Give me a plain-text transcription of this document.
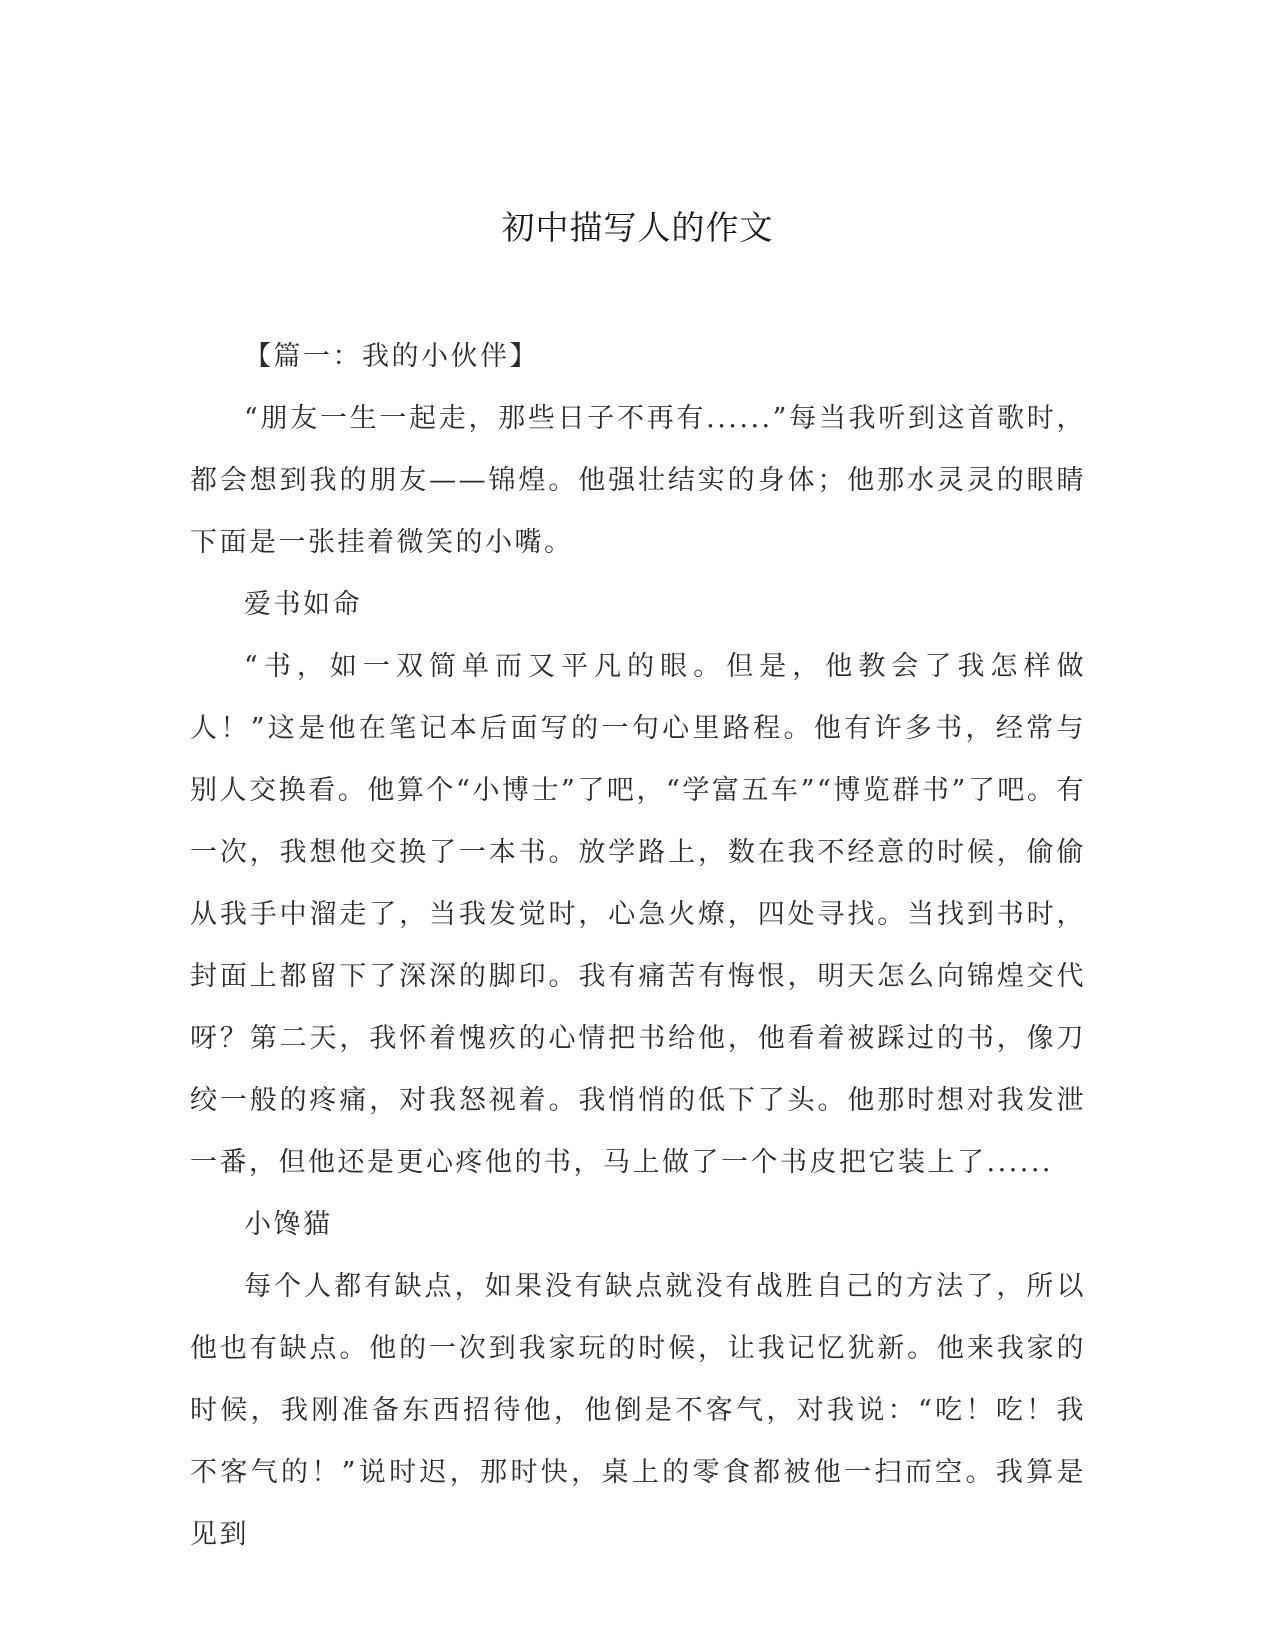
初中描写人的作文

【篇一：我的小伙伴】

“朋友一生一起走，那些日子不再有......”每当我听到这首歌时，都会想到我的朋友——锦煌。他强壮结实的身体；他那水灵灵的眼睛下面是一张挂着微笑的小嘴。

爱书如命

“书，如一双简单而又平凡的眼。但是，他教会了我怎样做人！”这是他在笔记本后面写的一句心里路程。他有许多书，经常与别人交换看。他算个“小博士”了吧，“学富五车”“博览群书”了吧。有一次，我想他交换了一本书。放学路上，数在我不经意的时候，偷偷从我手中溜走了，当我发觉时，心急火燎，四处寻找。当找到书时，封面上都留下了深深的脚印。我有痛苦有悔恨，明天怎么向锦煌交代呀？第二天，我怀着愧疚的心情把书给他，他看着被踩过的书，像刀绞一般的疼痛，对我怒视着。我悄悄的低下了头。他那时想对我发泄一番，但他还是更心疼他的书，马上做了一个书皮把它装上了......

小馋猫

每个人都有缺点，如果没有缺点就没有战胜自己的方法了，所以他也有缺点。他的一次到我家玩的时候，让我记忆犹新。他来我家的时候，我刚准备东西招待他，他倒是不客气，对我说：“吃！吃！我不客气的！”说时迟，那时快，桌上的零食都被他一扫而空。我算是见到
